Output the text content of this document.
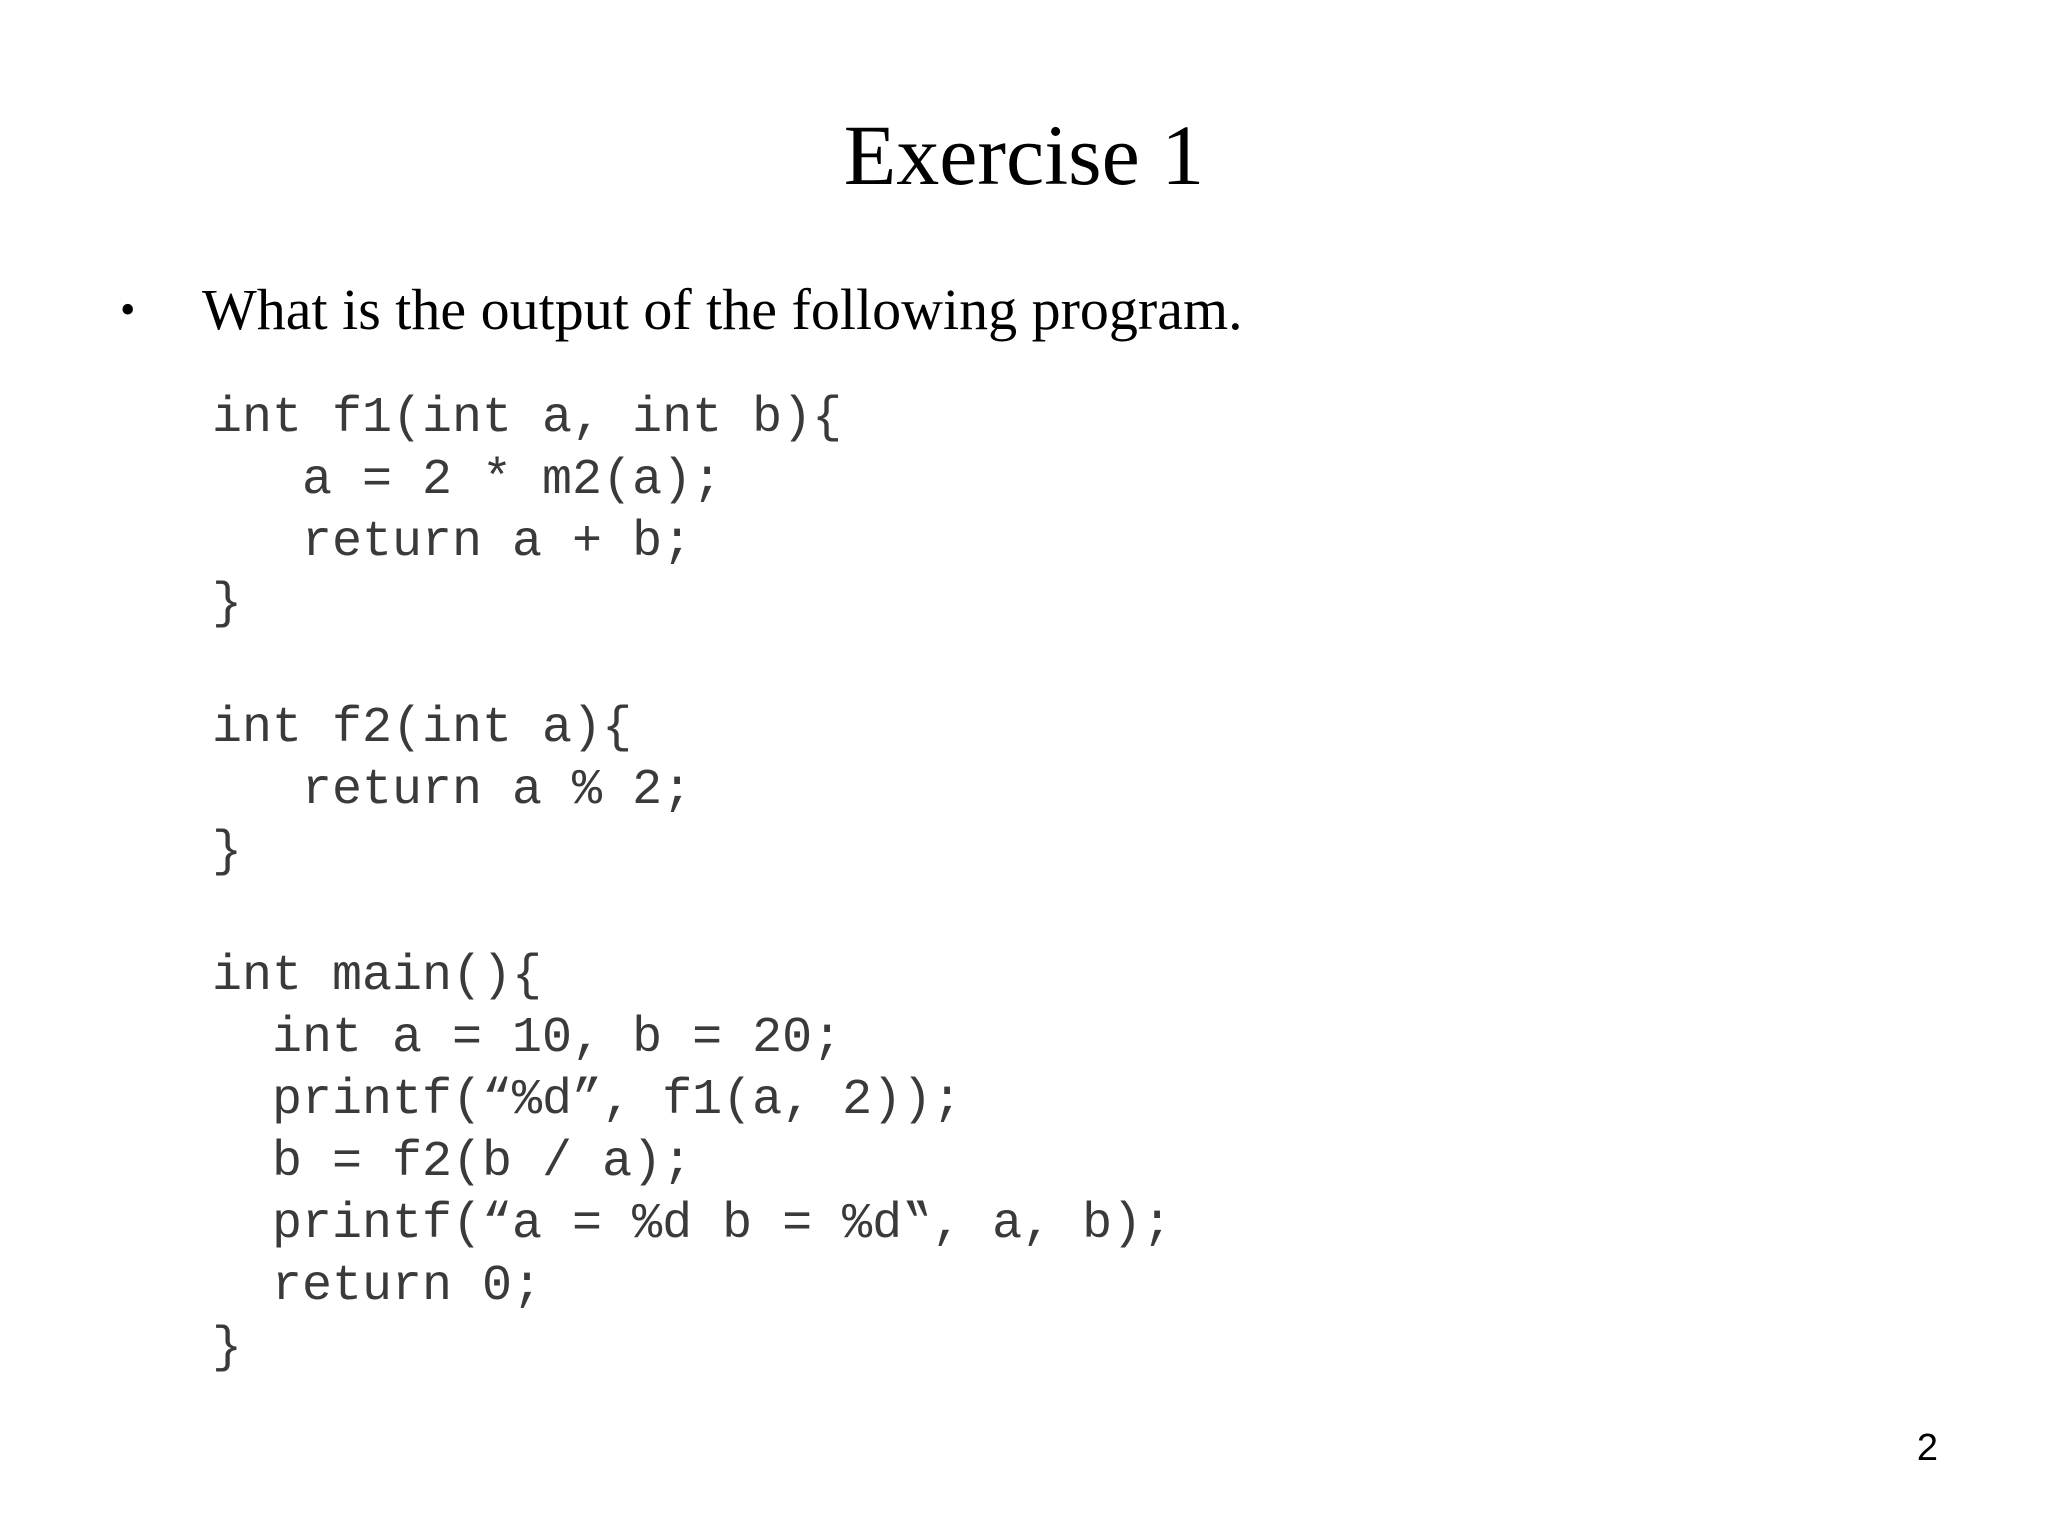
Exercise 1
• What is the output of the following program.
int f1(int a, int b){
a = 2 * m2(a);
return a + b;
}
int f2(int a){
return a % 2;
}
int main(){
int a = 10, b = 20;
printf(“%d”, f1(a, 2));
b = f2(b / a);
printf(“a = %d b = %d‟, a, b);
return 0;
}
2
